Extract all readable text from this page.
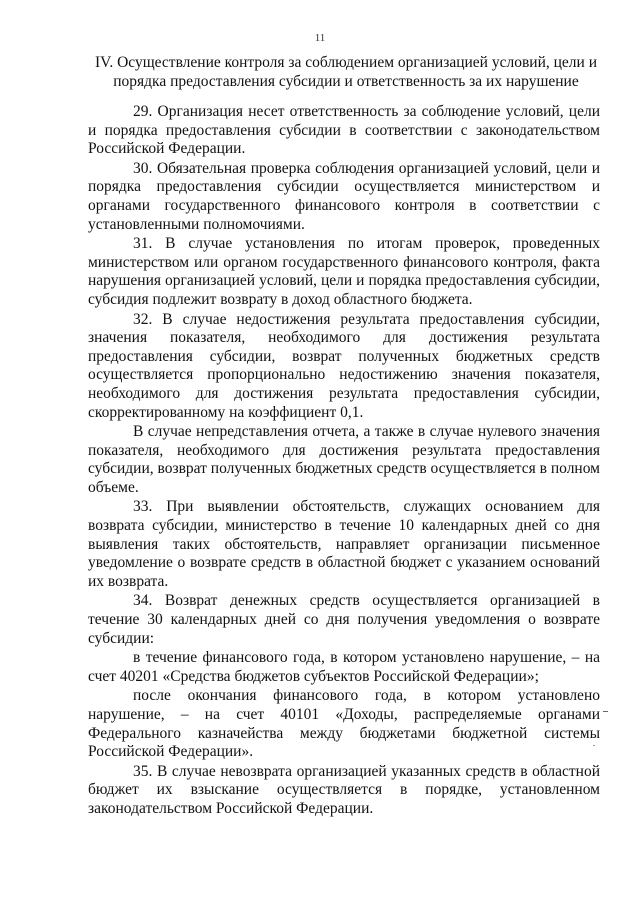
11
IV. Осуществление контроля за соблюдением организацией условий, цели и порядка предоставления субсидии и ответственность за их нарушение

29. Организация несет ответственность за соблюдение условий, цели и порядка предоставления субсидии в соответствии с законодательством Российской Федерации.

30. Обязательная проверка соблюдения организацией условий, цели и порядка предоставления субсидии осуществляется министерством и органами государственного финансового контроля в соответствии с установленными полномочиями.

31. В случае установления по итогам проверок, проведенных министерством или органом государственного финансового контроля, факта нарушения организацией условий, цели и порядка предоставления субсидии, субсидия подлежит возврату в доход областного бюджета.

32. В случае недостижения результата предоставления субсидии, значения показателя, необходимого для достижения результата предоставления субсидии, возврат полученных бюджетных средств осуществляется пропорционально недостижению значения показателя, необходимого для достижения результата предоставления субсидии, скорректированному на коэффициент 0,1.

В случае непредставления отчета, а также в случае нулевого значения показателя, необходимого для достижения результата предоставления субсидии, возврат полученных бюджетных средств осуществляется в полном объеме.

33. При выявлении обстоятельств, служащих основанием для возврата субсидии, министерство в течение 10 календарных дней со дня выявления таких обстоятельств, направляет организации письменное уведомление о возврате средств в областной бюджет с указанием оснований их возврата.

34. Возврат денежных средств осуществляется организацией в течение 30 календарных дней со дня получения уведомления о возврате субсидии:

в течение финансового года, в котором установлено нарушение, – на счет 40201 «Средства бюджетов субъектов Российской Федерации»;

после окончания финансового года, в котором установлено нарушение, – на счет 40101 «Доходы, распределяемые органами Федерального казначейства между бюджетами бюджетной системы Российской Федерации».

35. В случае невозврата организацией указанных средств в областной бюджет их взыскание осуществляется в порядке, установленном законодательством Российской Федерации.
